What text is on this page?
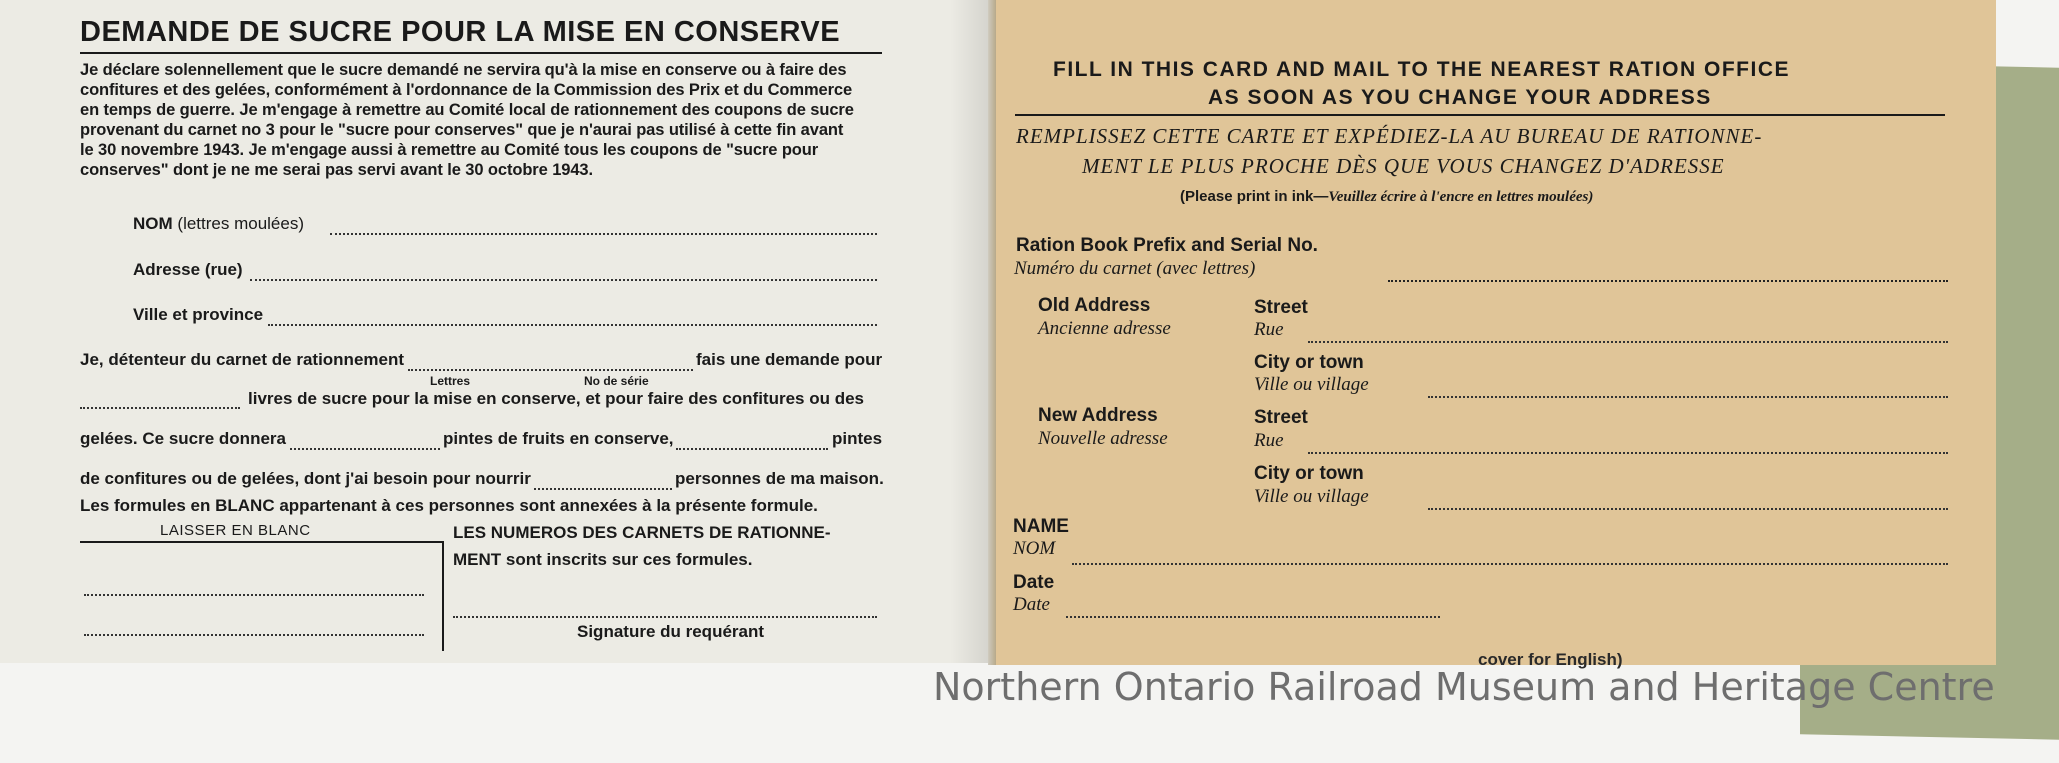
DEMANDE DE SUCRE POUR LA MISE EN CONSERVE
Je déclare solennellement que le sucre demandé ne servira qu'à la mise en conserve ou à faire des
confitures et des gelées, conformément à l'ordonnance de la Commission des Prix et du Commerce
en temps de guerre. Je m'engage à remettre au Comité local de rationnement des coupons de sucre
provenant du carnet no 3 pour le "sucre pour conserves" que je n'aurai pas utilisé à cette fin avant
le 30 novembre 1943. Je m'engage aussi à remettre au Comité tous les coupons de "sucre pour
conserves" dont je ne me serai pas servi avant le 30 octobre 1943.
NOM (lettres moulées)
Adresse (rue)
Ville et province
Je, détenteur du carnet de rationnement	fais une demande pour
Lettres	No de série
livres de sucre pour la mise en conserve, et pour faire des confitures ou des
gelées. Ce sucre donnera	pintes de fruits en conserve,	pintes
de confitures ou de gelées, dont j'ai besoin pour nourrir	personnes de ma maison.
Les formules en BLANC appartenant à ces personnes sont annexées à la présente formule.
LAISSER EN BLANC	LES NUMEROS DES CARNETS DE RATIONNE-
MENT sont inscrits sur ces formules.
Signature du requérant
FILL IN THIS CARD AND MAIL TO THE NEAREST RATION OFFICE
AS SOON AS YOU CHANGE YOUR ADDRESS
REMPLISSEZ CETTE CARTE ET EXPÉDIEZ-LA AU BUREAU DE RATIONNE-
MENT LE PLUS PROCHE DÈS QUE VOUS CHANGEZ D'ADRESSE
(Please print in ink—Veuillez écrire à l'encre en lettres moulées)
Ration Book Prefix and Serial No.
Numéro du carnet (avec lettres)
Old Address
Ancienne adresse
Street
Rue
City or town
Ville ou village
New Address
Nouvelle adresse
Street
Rue
City or town
Ville ou village
NAME
NOM
Date
Date
cover for English)
Northern Ontario Railroad Museum and Heritage Centre
